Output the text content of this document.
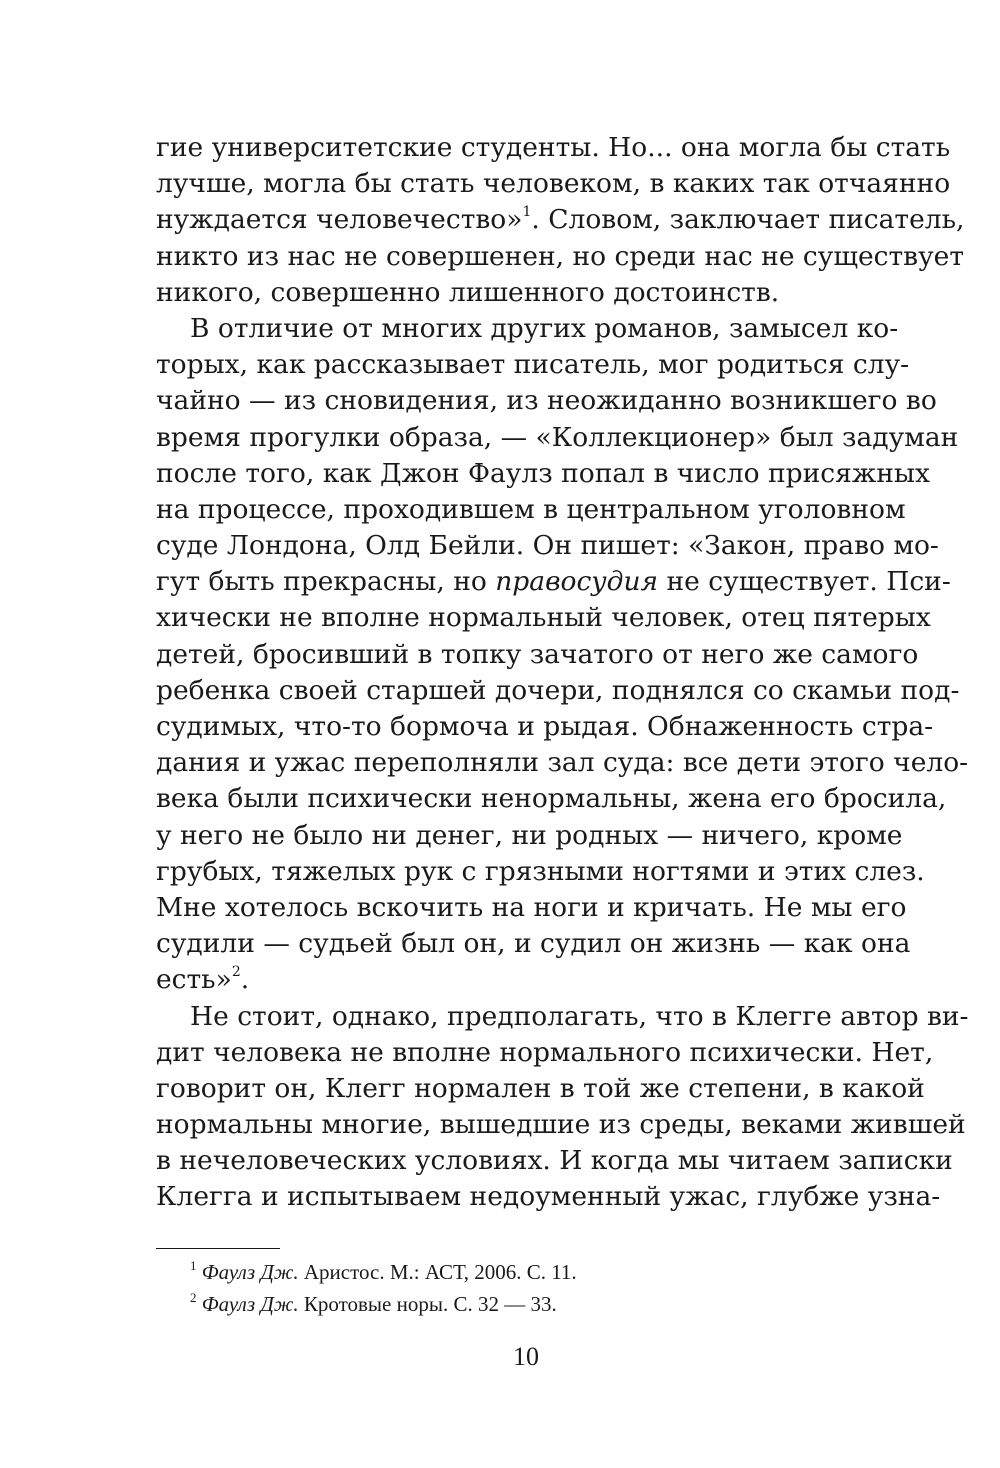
гие университетские студенты. Но... она могла бы стать
лучше, могла бы стать человеком, в каких так отчаянно
нуждается человечество»$^1$. Словом, заключает писатель,
никто из нас не совершенен, но среди нас не существует
никого, совершенно лишенного достоинств.
В отличие от многих других романов, замысел ко-
торых, как рассказывает писатель, мог родиться слу-
чайно — из сновидения, из неожиданно возникшего во
время прогулки образа, — «Коллекционер» был задуман
после того, как Джон Фаулз попал в число присяжных
на процессе, проходившем в центральном уголовном
суде Лондона, Олд Бейли. Он пишет: «Закон, право мо-
гут быть прекрасны, но правосудия не существует. Пси-
хически не вполне нормальный человек, отец пятерых
детей, бросивший в топку зачатого от него же самого
ребенка своей старшей дочери, поднялся со скамьи под-
судимых, что-то бормоча и рыдая. Обнаженность стра-
дания и ужас переполняли зал суда: все дети этого чело-
века были психически ненормальны, жена его бросила,
у него не было ни денег, ни родных — ничего, кроме
грубых, тяжелых рук с грязными ногтями и этих слез.
Мне хотелось вскочить на ноги и кричать. Не мы его
судили — судьей был он, и судил он жизнь — как она
есть»$^2$.
Не стоит, однако, предполагать, что в Клегге автор ви-
дит человека не вполне нормального психически. Нет,
говорит он, Клегг нормален в той же степени, в какой
нормальны многие, вышедшие из среды, веками жившей
в нечеловеческих условиях. И когда мы читаем записки
Клегга и испытываем недоуменный ужас, глубже узна-
$^1$ Фаулз Дж. Аристос. М.: АСТ, 2006. С. 11.
$^2$ Фаулз Дж. Кротовые норы. С. 32 — 33.
10
